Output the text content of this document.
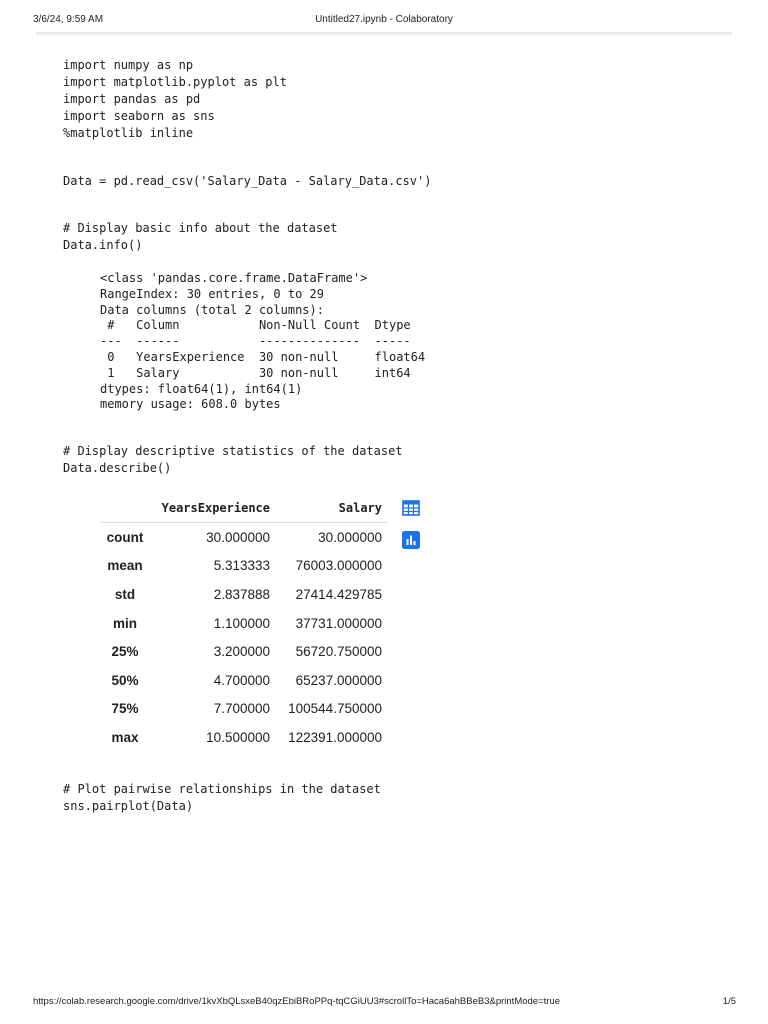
3/6/24, 9:59 AM	Untitled27.ipynb - Colaboratory
import numpy as np
import matplotlib.pyplot as plt
import pandas as pd
import seaborn as sns
%matplotlib inline
Data = pd.read_csv('Salary_Data - Salary_Data.csv')
# Display basic info about the dataset
Data.info()
<class 'pandas.core.frame.DataFrame'>
RangeIndex: 30 entries, 0 to 29
Data columns (total 2 columns):
#   Column           Non-Null Count  Dtype
---  ------           --------------  -----
0   YearsExperience  30 non-null     float64
1   Salary           30 non-null     int64
dtypes: float64(1), int64(1)
memory usage: 608.0 bytes
# Display descriptive statistics of the dataset
Data.describe()
	YearsExperience	Salary
count	30.000000	30.000000
mean	5.313333	76003.000000
std	2.837888	27414.429785
min	1.100000	37731.000000
25%	3.200000	56720.750000
50%	4.700000	65237.000000
75%	7.700000	100544.750000
max	10.500000	122391.000000
# Plot pairwise relationships in the dataset
sns.pairplot(Data)
https://colab.research.google.com/drive/1kvXbQLsxeB40qzEbiBRoPPq-tqCGiUU3#scrollTo=Haca6ahBBeB3&printMode=true	1/5
